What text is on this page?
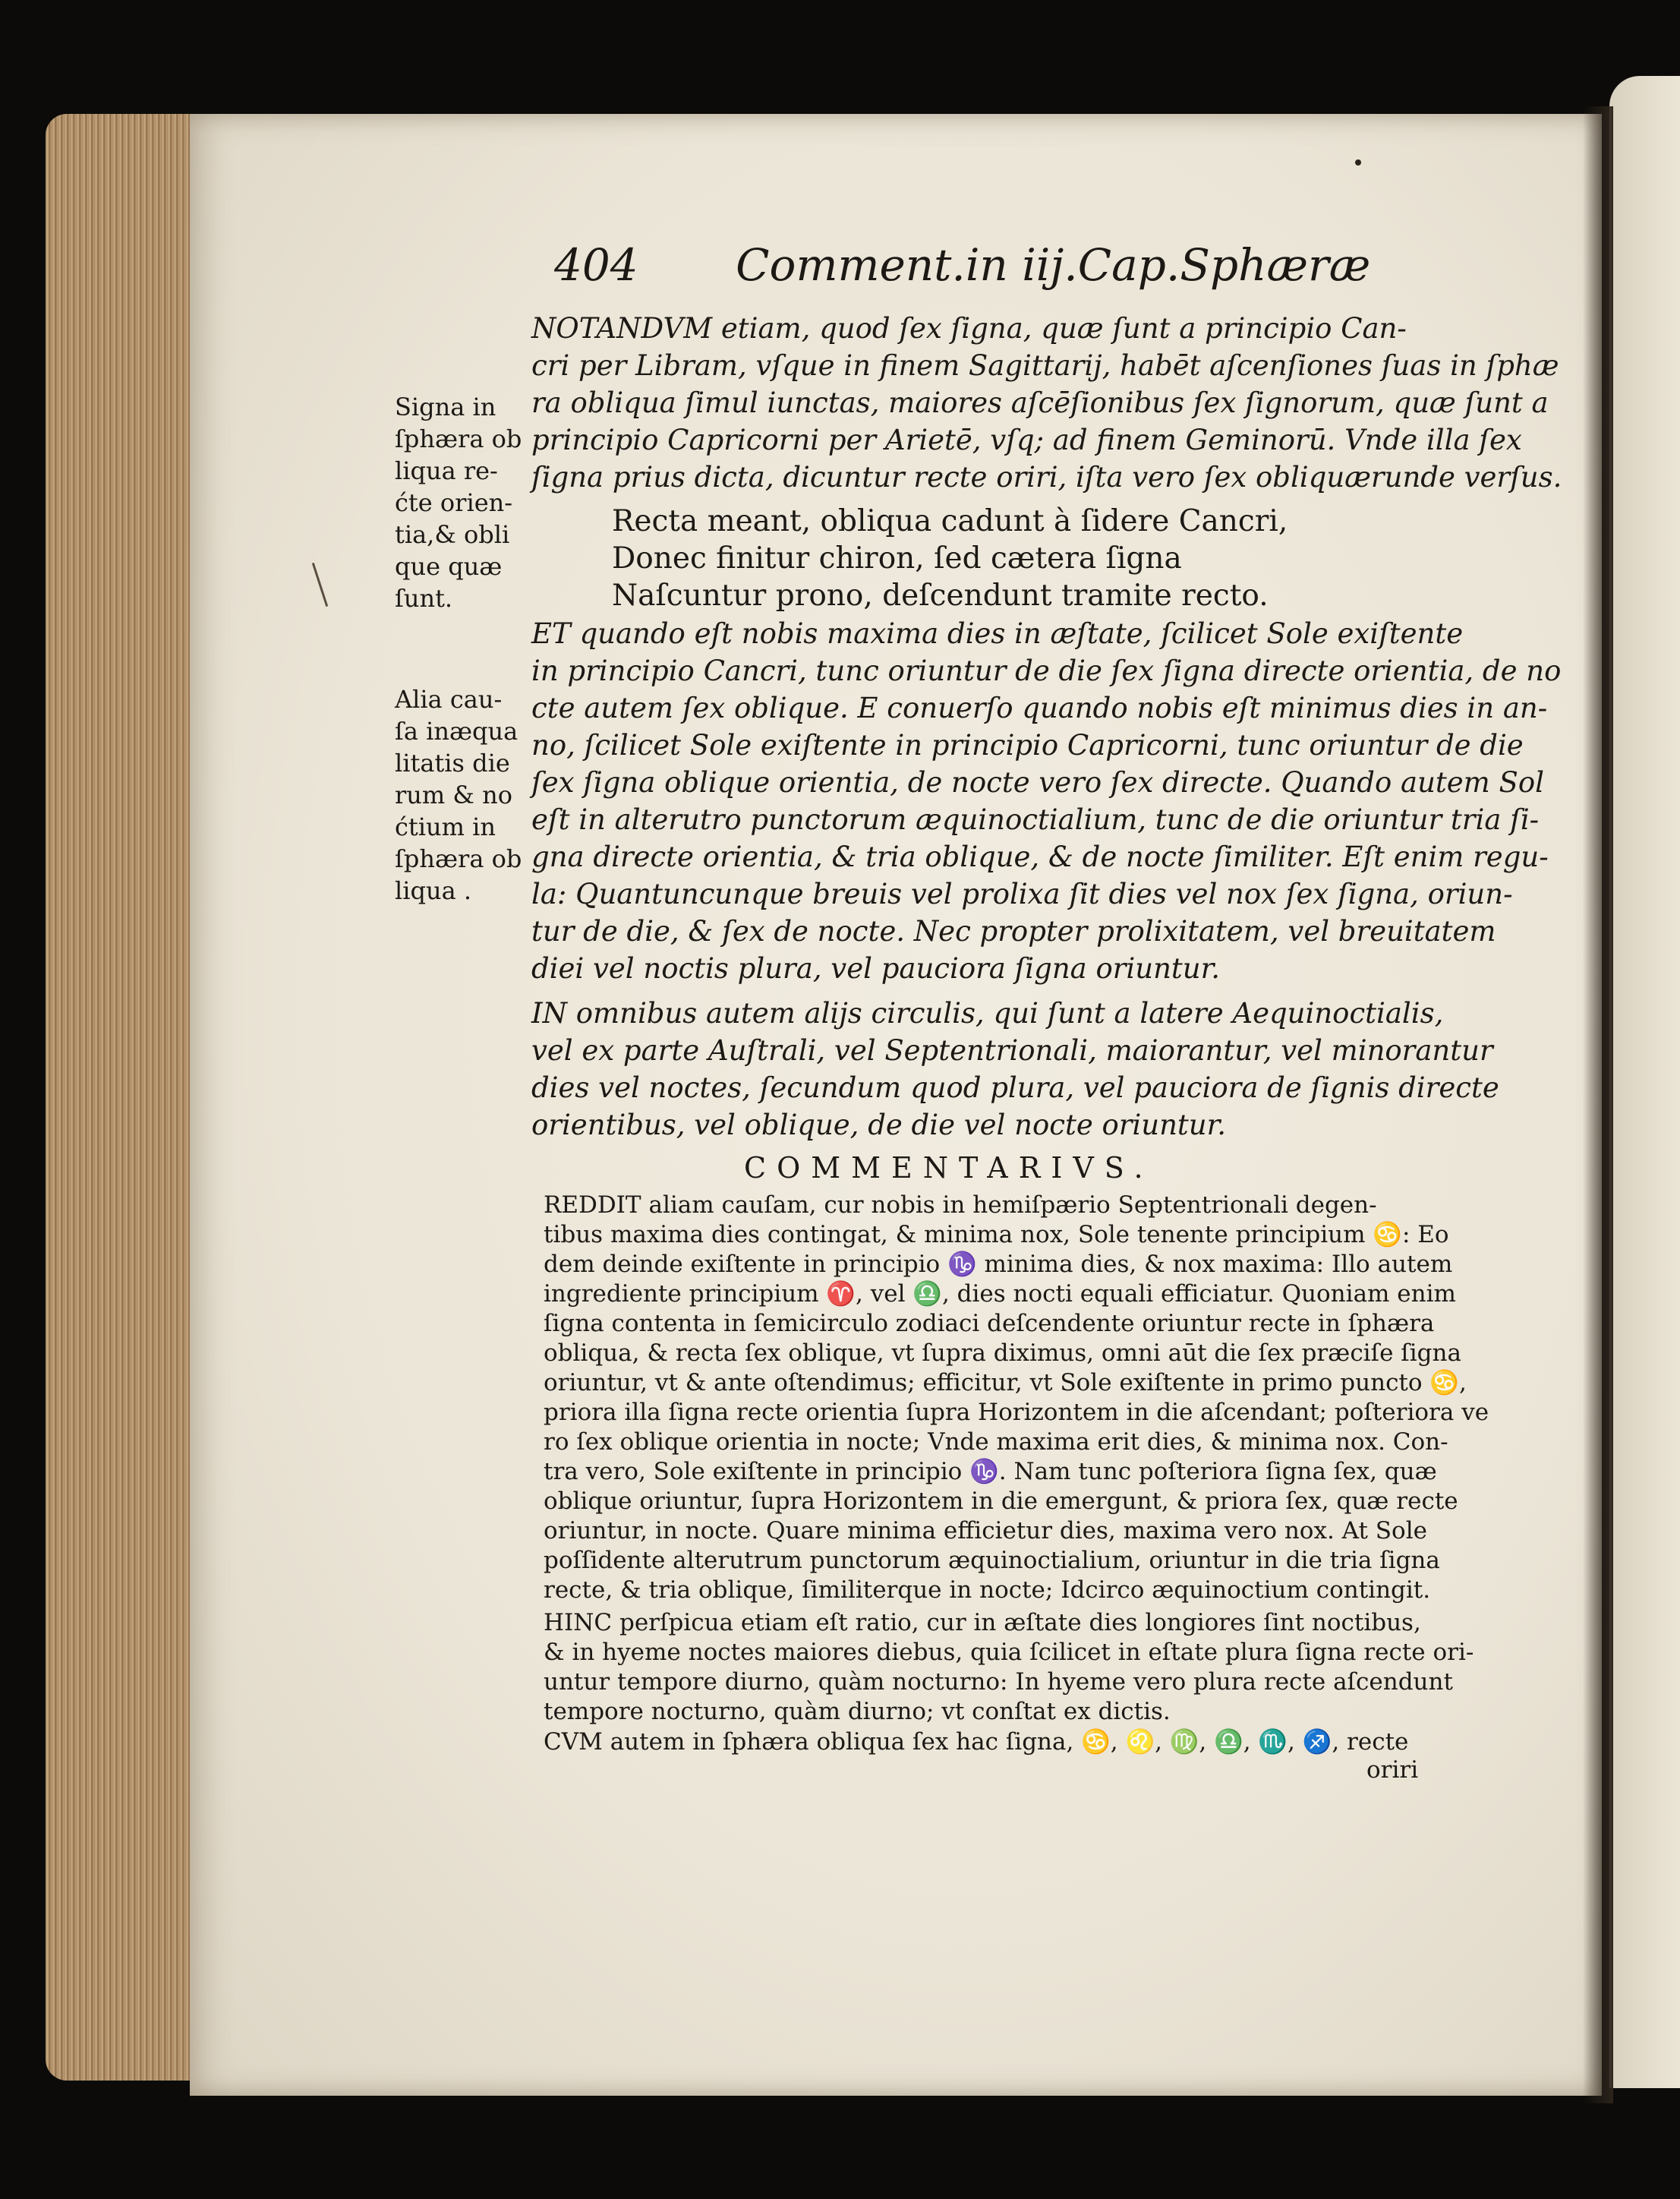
404 Comment.in iij.Cap.Sphæræ
Signa in
ſphæra ob
liqua re-
ćte orien-
tia,& obli
que quæ
ſunt.
Alia cau-
ſa inæqua
litatis die
rum & no
ćtium in
ſphæra ob
liqua .
NOTANDVM etiam, quod ſex ſigna, quæ ſunt a principio Can-
cri per Libram, vſque in finem Sagittarij, habēt aſcenſiones ſuas in ſphæ
ra obliqua ſimul iunctas, maiores aſcēſionibus ſex ſignorum, quæ ſunt a
principio Capricorni per Arietē, vſq; ad finem Geminorū. Vnde illa ſex
ſigna prius dicta, dicuntur recte oriri, iſta vero ſex obliquærunde verſus.
Recta meant, obliqua cadunt à ſidere Cancri,
Donec finitur chiron, ſed cætera ſigna
Naſcuntur prono, deſcendunt tramite recto.
ET quando eſt nobis maxima dies in æſtate, ſcilicet Sole exiſtente
in principio Cancri, tunc oriuntur de die ſex ſigna directe orientia, de no
cte autem ſex oblique. E conuerſo quando nobis eſt minimus dies in an-
no, ſcilicet Sole exiſtente in principio Capricorni, tunc oriuntur de die
ſex ſigna oblique orientia, de nocte vero ſex directe. Quando autem Sol
eſt in alterutro punctorum æquinoctialium, tunc de die oriuntur tria ſi-
gna directe orientia, & tria oblique, & de nocte ſimiliter. Eſt enim regu-
la: Quantuncunque breuis vel prolixa ſit dies vel nox ſex ſigna, oriun-
tur de die, & ſex de nocte. Nec propter prolixitatem, vel breuitatem
diei vel noctis plura, vel pauciora ſigna oriuntur.
IN omnibus autem alijs circulis, qui ſunt a latere Aequinoctialis,
vel ex parte Auſtrali, vel Septentrionali, maiorantur, vel minorantur
dies vel noctes, ſecundum quod plura, vel pauciora de ſignis directe
orientibus, vel oblique, de die vel nocte oriuntur.
COMMENTARIVS.
REDDIT aliam cauſam, cur nobis in hemiſpærio Septentrionali degen-
tibus maxima dies contingat, & minima nox, Sole tenente principium ♋: Eo
dem deinde exiſtente in principio ♑ minima dies, & nox maxima: Illo autem
ingrediente principium ♈, vel ♎, dies nocti equali efficiatur. Quoniam enim
ſigna contenta in ſemicirculo zodiaci deſcendente oriuntur recte in ſphæra
obliqua, & recta ſex oblique, vt ſupra diximus, omni aūt die ſex præciſe ſigna
oriuntur, vt & ante oſtendimus; efficitur, vt Sole exiſtente in primo puncto ♋,
priora illa ſigna recte orientia ſupra Horizontem in die aſcendant; poſteriora ve
ro ſex oblique orientia in nocte; Vnde maxima erit dies, & minima nox. Con-
tra vero, Sole exiſtente in principio ♑. Nam tunc poſteriora ſigna ſex, quæ
oblique oriuntur, ſupra Horizontem in die emergunt, & priora ſex, quæ recte
oriuntur, in nocte. Quare minima efficietur dies, maxima vero nox. At Sole
poſſidente alterutrum punctorum æquinoctialium, oriuntur in die tria ſigna
recte, & tria oblique, ſimiliterque in nocte; Idcirco æquinoctium contingit.
HINC perſpicua etiam eſt ratio, cur in æſtate dies longiores ſint noctibus,
& in hyeme noctes maiores diebus, quia ſcilicet in eſtate plura ſigna recte ori-
untur tempore diurno, quàm nocturno: In hyeme vero plura recte aſcendunt
tempore nocturno, quàm diurno; vt conſtat ex dictis.
CVM autem in ſphæra obliqua ſex hac ſigna, ♋, ♌, ♍, ♎, ♏, ♐, recte
oriri
